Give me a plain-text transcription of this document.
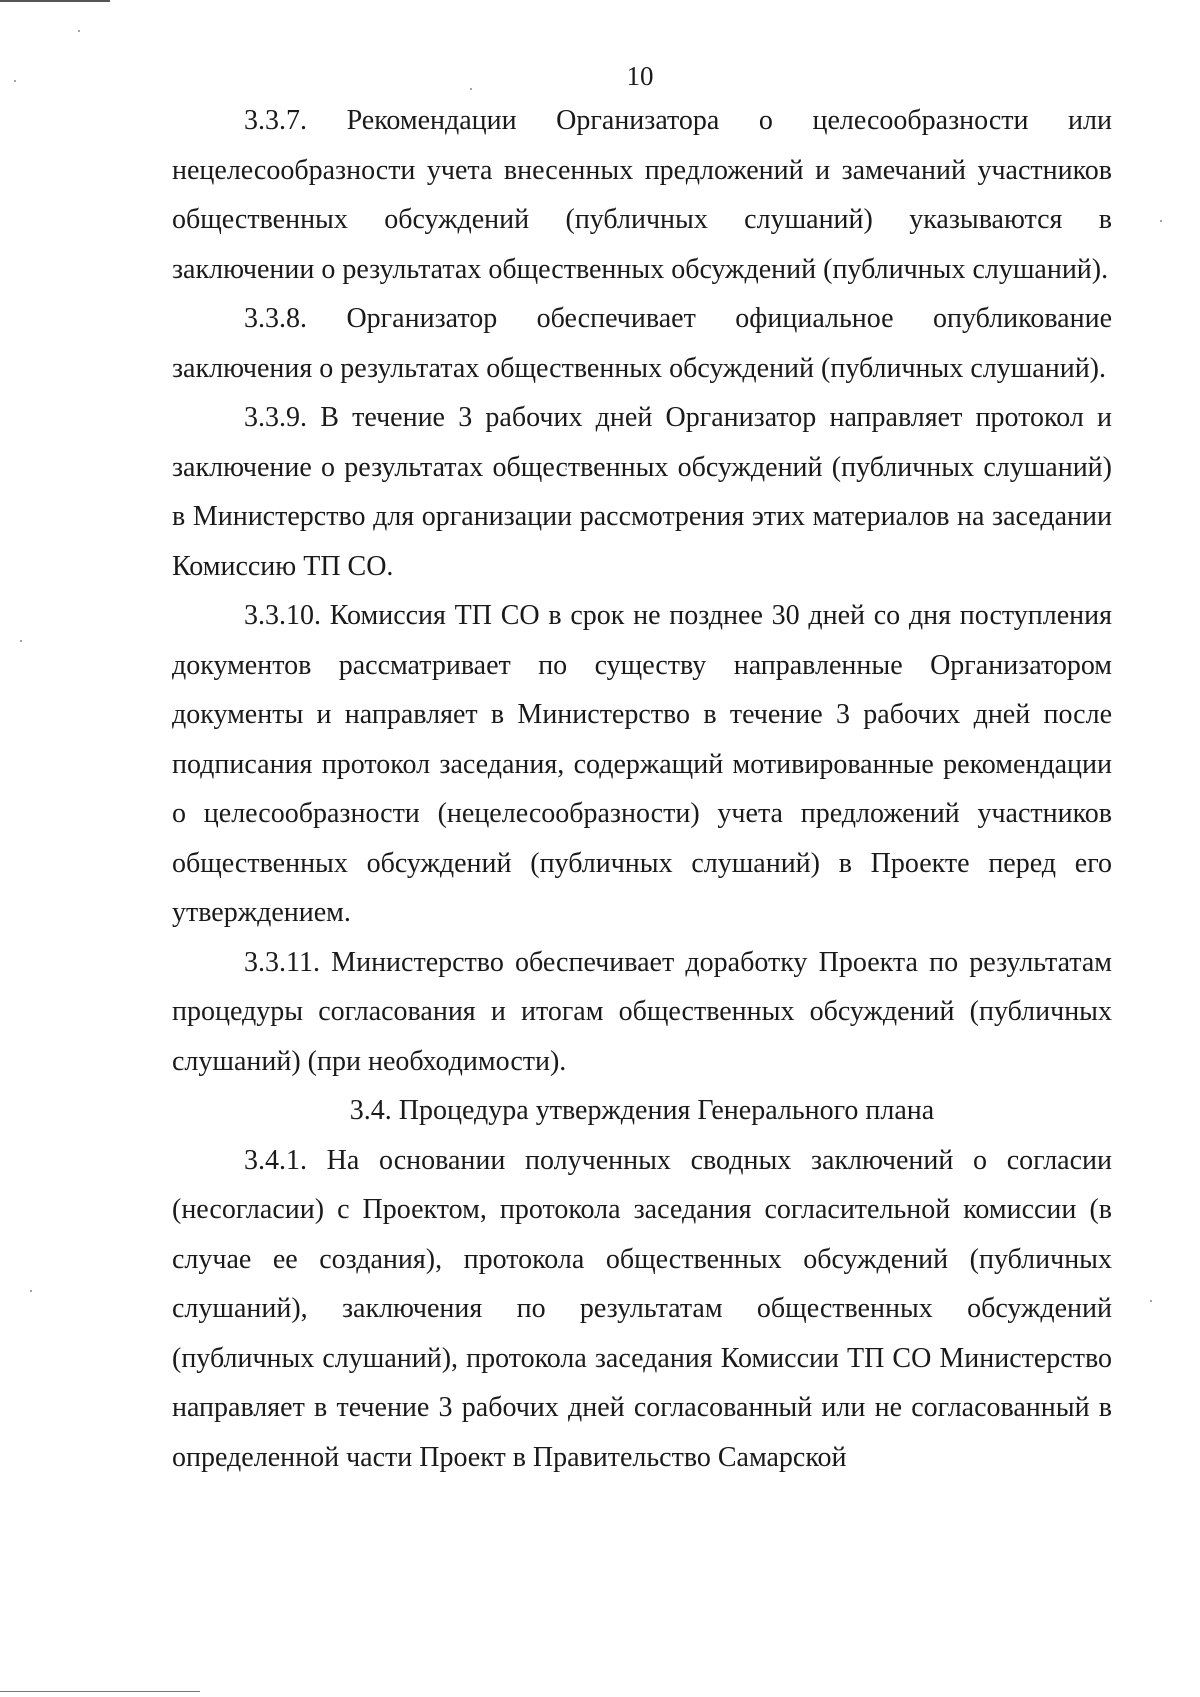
10

3.3.7. Рекомендации Организатора о целесообразности или нецелесообразности учета внесенных предложений и замечаний участников общественных обсуждений (публичных слушаний) указываются в заключении о результатах общественных обсуждений (публичных слушаний).

3.3.8. Организатор обеспечивает официальное опубликование заключения о результатах общественных обсуждений (публичных слушаний).

3.3.9. В течение 3 рабочих дней Организатор направляет протокол и заключение о результатах общественных обсуждений (публичных слушаний) в Министерство для организации рассмотрения этих материалов на заседании Комиссию ТП СО.

3.3.10. Комиссия ТП СО в срок не позднее 30 дней со дня поступления документов рассматривает по существу направленные Организатором документы и направляет в Министерство в течение 3 рабочих дней после подписания протокол заседания, содержащий мотивированные рекомендации о целесообразности (нецелесообразности) учета предложений участников общественных обсуждений (публичных слушаний) в Проекте перед его утверждением.

3.3.11. Министерство обеспечивает доработку Проекта по результатам процедуры согласования и итогам общественных обсуждений (публичных слушаний) (при необходимости).

3.4. Процедура утверждения Генерального плана

3.4.1. На основании полученных сводных заключений о согласии (несогласии) с Проектом, протокола заседания согласительной комиссии (в случае ее создания), протокола общественных обсуждений (публичных слушаний), заключения по результатам общественных обсуждений (публичных слушаний), протокола заседания Комиссии ТП СО Министерство направляет в течение 3 рабочих дней согласованный или не согласованный в определенной части Проект в Правительство Самарской
